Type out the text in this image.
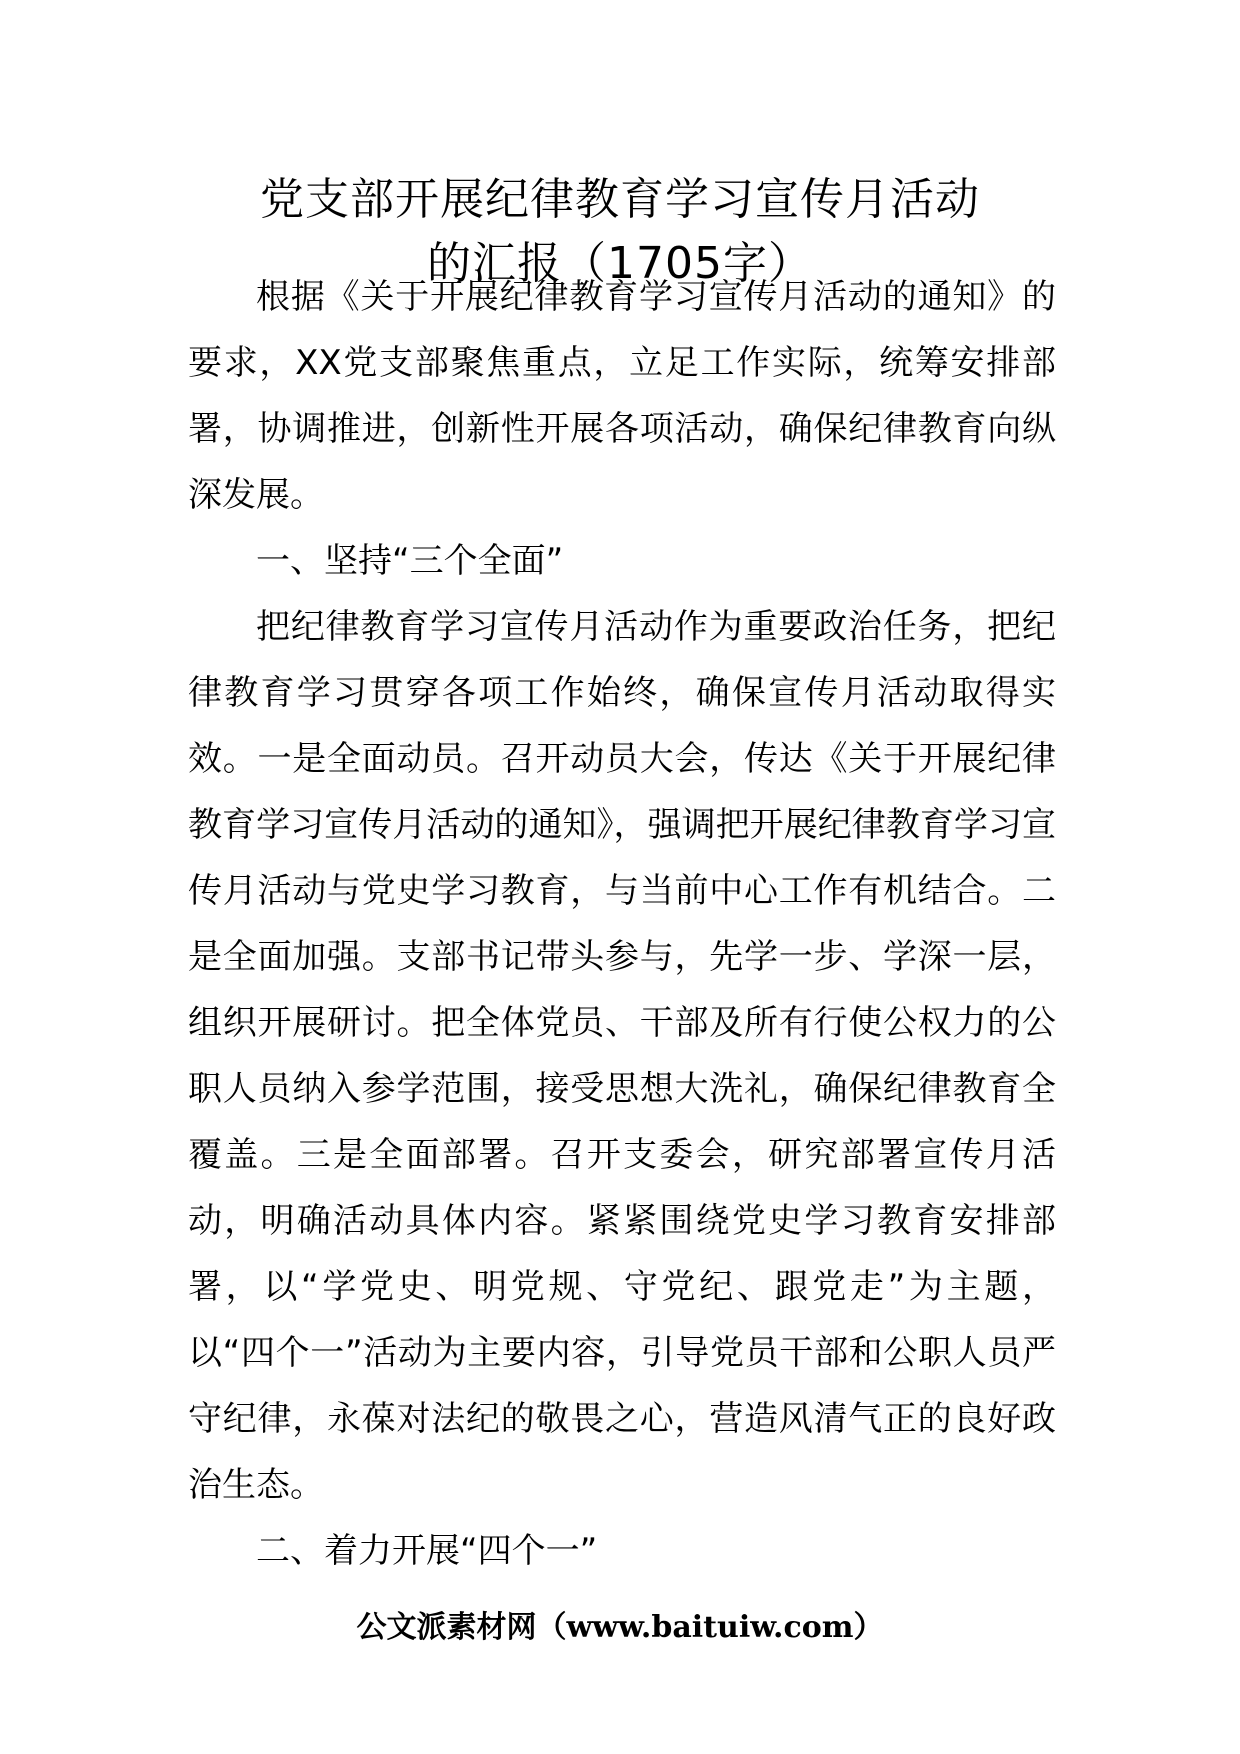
党支部开展纪律教育学习宣传月活动
的汇报（1705字）

根据《关于开展纪律教育学习宣传月活动的通知》的要求，XX党支部聚焦重点，立足工作实际，统筹安排部署，协调推进，创新性开展各项活动，确保纪律教育向纵深发展。

一、坚持“三个全面”

把纪律教育学习宣传月活动作为重要政治任务，把纪律教育学习贯穿各项工作始终，确保宣传月活动取得实效。一是全面动员。召开动员大会，传达《关于开展纪律教育学习宣传月活动的通知》，强调把开展纪律教育学习宣传月活动与党史学习教育，与当前中心工作有机结合。二是全面加强。支部书记带头参与，先学一步、学深一层，组织开展研讨。把全体党员、干部及所有行使公权力的公职人员纳入参学范围，接受思想大洗礼，确保纪律教育全覆盖。三是全面部署。召开支委会，研究部署宣传月活动，明确活动具体内容。紧紧围绕党史学习教育安排部署，以“学党史、明党规、守党纪、跟党走”为主题，以“四个一”活动为主要内容，引导党员干部和公职人员严守纪律，永葆对法纪的敬畏之心，营造风清气正的良好政治生态。

二、着力开展“四个一”

公文派素材网（www.baituiw.com）
